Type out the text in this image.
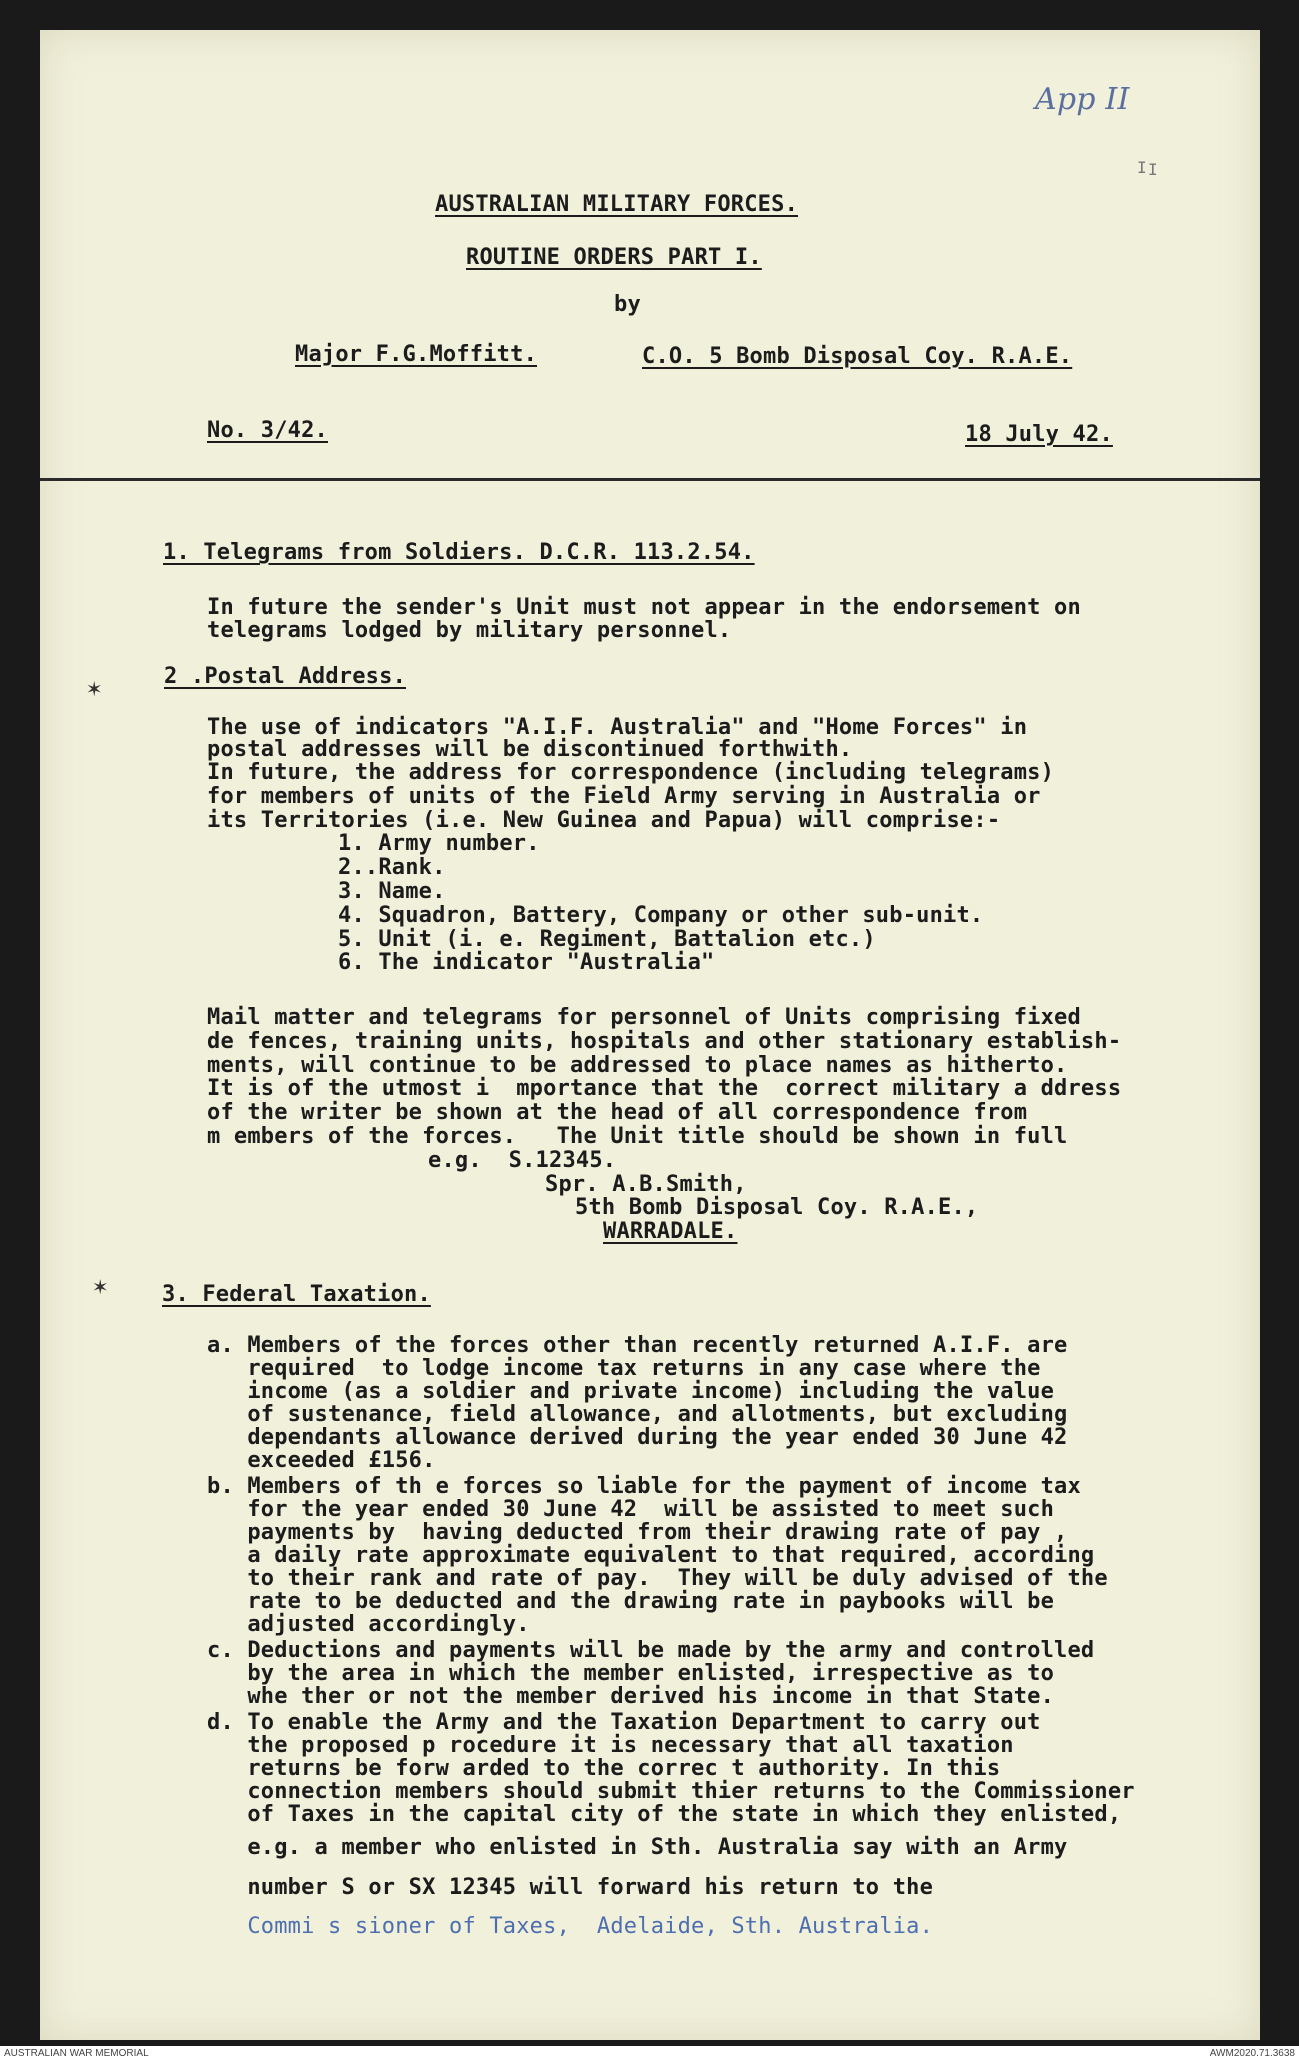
App II
I I
AUSTRALIAN MILITARY FORCES.
ROUTINE ORDERS PART I.
by
Major F.G.Moffitt.	C.O. 5 Bomb Disposal Coy. R.A.E.
No. 3/42.	18 July 42.
1. Telegrams from Soldiers. D.C.R. 113.2.54.
In future the sender's Unit must not appear in the endorsement on
telegrams lodged by military personnel.
✶	2 .Postal Address.
The use of indicators "A.I.F. Australia" and "Home Forces" in
postal addresses will be discontinued forthwith.
In future, the address for correspondence (including telegrams)
for members of units of the Field Army serving in Australia or
its Territories (i.e. New Guinea and Papua) will comprise:-
1. Army number.
2..Rank.
3. Name.
4. Squadron, Battery, Company or other sub-unit.
5. Unit (i. e. Regiment, Battalion etc.)
6. The indicator "Australia"
Mail matter and telegrams for personnel of Units comprising fixed
de fences, training units, hospitals and other stationary establish-
ments, will continue to be addressed to place names as hitherto.
It is of the utmost i  mportance that the  correct military a ddress
of the writer be shown at the head of all correspondence from
m embers of the forces.   The Unit title should be shown in full
e.g.  S.12345.
Spr. A.B.Smith,
5th Bomb Disposal Coy. R.A.E.,
WARRADALE.
✶ 3. Federal Taxation.
a. Members of the forces other than recently returned A.I.F. are
required  to lodge income tax returns in any case where the
income (as a soldier and private income) including the value
of sustenance, field allowance, and allotments, but excluding
dependants allowance derived during the year ended 30 June 42
exceeded £156.
b. Members of th e forces so liable for the payment of income tax
for the year ended 30 June 42  will be assisted to meet such
payments by  having deducted from their drawing rate of pay ,
a daily rate approximate equivalent to that required, according
to their rank and rate of pay.  They will be duly advised of the
rate to be deducted and the drawing rate in paybooks will be
adjusted accordingly.
c. Deductions and payments will be made by the army and controlled
by the area in which the member enlisted, irrespective as to
whe ther or not the member derived his income in that State.
d. To enable the Army and the Taxation Department to carry out
the proposed p rocedure it is necessary that all taxation
returns be forw arded to the correc t authority. In this
connection members should submit thier returns to the Commissioner
of Taxes in the capital city of the state in which they enlisted,
e.g. a member who enlisted in Sth. Australia say with an Army
number S or SX 12345 will forward his return to the
Commi s sioner of Taxes,  Adelaide, Sth. Australia.
AUSTRALIAN WAR MEMORIAL	AWM2020.71.3638
